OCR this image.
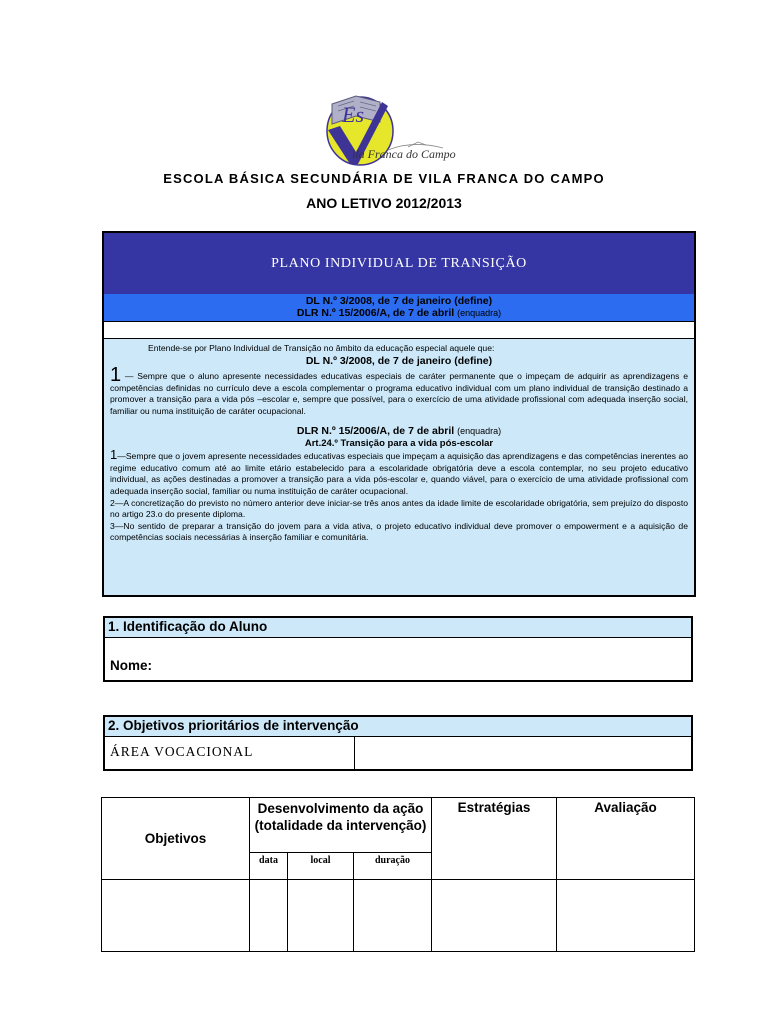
Es
ila Franca do Campo
ESCOLA BÁSICA SECUNDÁRIA DE VILA FRANCA DO CAMPO
ANO LETIVO 2012/2013
PLANO INDIVIDUAL DE TRANSIÇÃO
DL N.º 3/2008, de 7 de janeiro (define)
DLR N.º 15/2006/A, de 7 de abril (enquadra)

Entende-se por Plano Individual de Transição no âmbito da educação especial aquele que:

DL N.º 3/2008, de 7 de janeiro (define)

1 — Sempre que o aluno apresente necessidades educativas especiais de caráter permanente que o impeçam de adquirir as aprendizagens e competências definidas no currículo deve a escola complementar o programa educativo individual com um plano individual de transição destinado a promover a transição para a vida pós –escolar e, sempre que possível, para o exercício de uma atividade profissional com adequada inserção social, familiar ou numa instituição de caráter ocupacional.

DLR N.º 15/2006/A, de 7 de abril (enquadra)

Art.24.º Transição para a vida pós-escolar

1—Sempre que o jovem apresente necessidades educativas especiais que impeçam a aquisição das aprendizagens e das competências inerentes ao regime educativo comum até ao limite etário estabelecido para a escolaridade obrigatória deve a escola contemplar, no seu projeto educativo individual, as ações destinadas a promover a transição para a vida pós-escolar e, quando viável, para o exercício de uma atividade profissional com adequada inserção social, familiar ou numa instituição de caráter ocupacional.

2—A concretização do previsto no número anterior deve iniciar-se três anos antes da idade limite de escolaridade obrigatória, sem prejuízo do disposto no artigo 23.o do presente diploma.

3—No sentido de preparar a transição do jovem para a vida ativa, o projeto educativo individual deve promover o empowerment e a aquisição de competências sociais necessárias à inserção familiar e comunitária.

1. Identificação do Aluno
Nome:
2. Objetivos prioritários de intervenção
ÁREA VOCACIONAL
Objetivos	Desenvolvimento da ação (totalidade da intervenção)			Estratégias	Avaliação
	data	local	duração		
